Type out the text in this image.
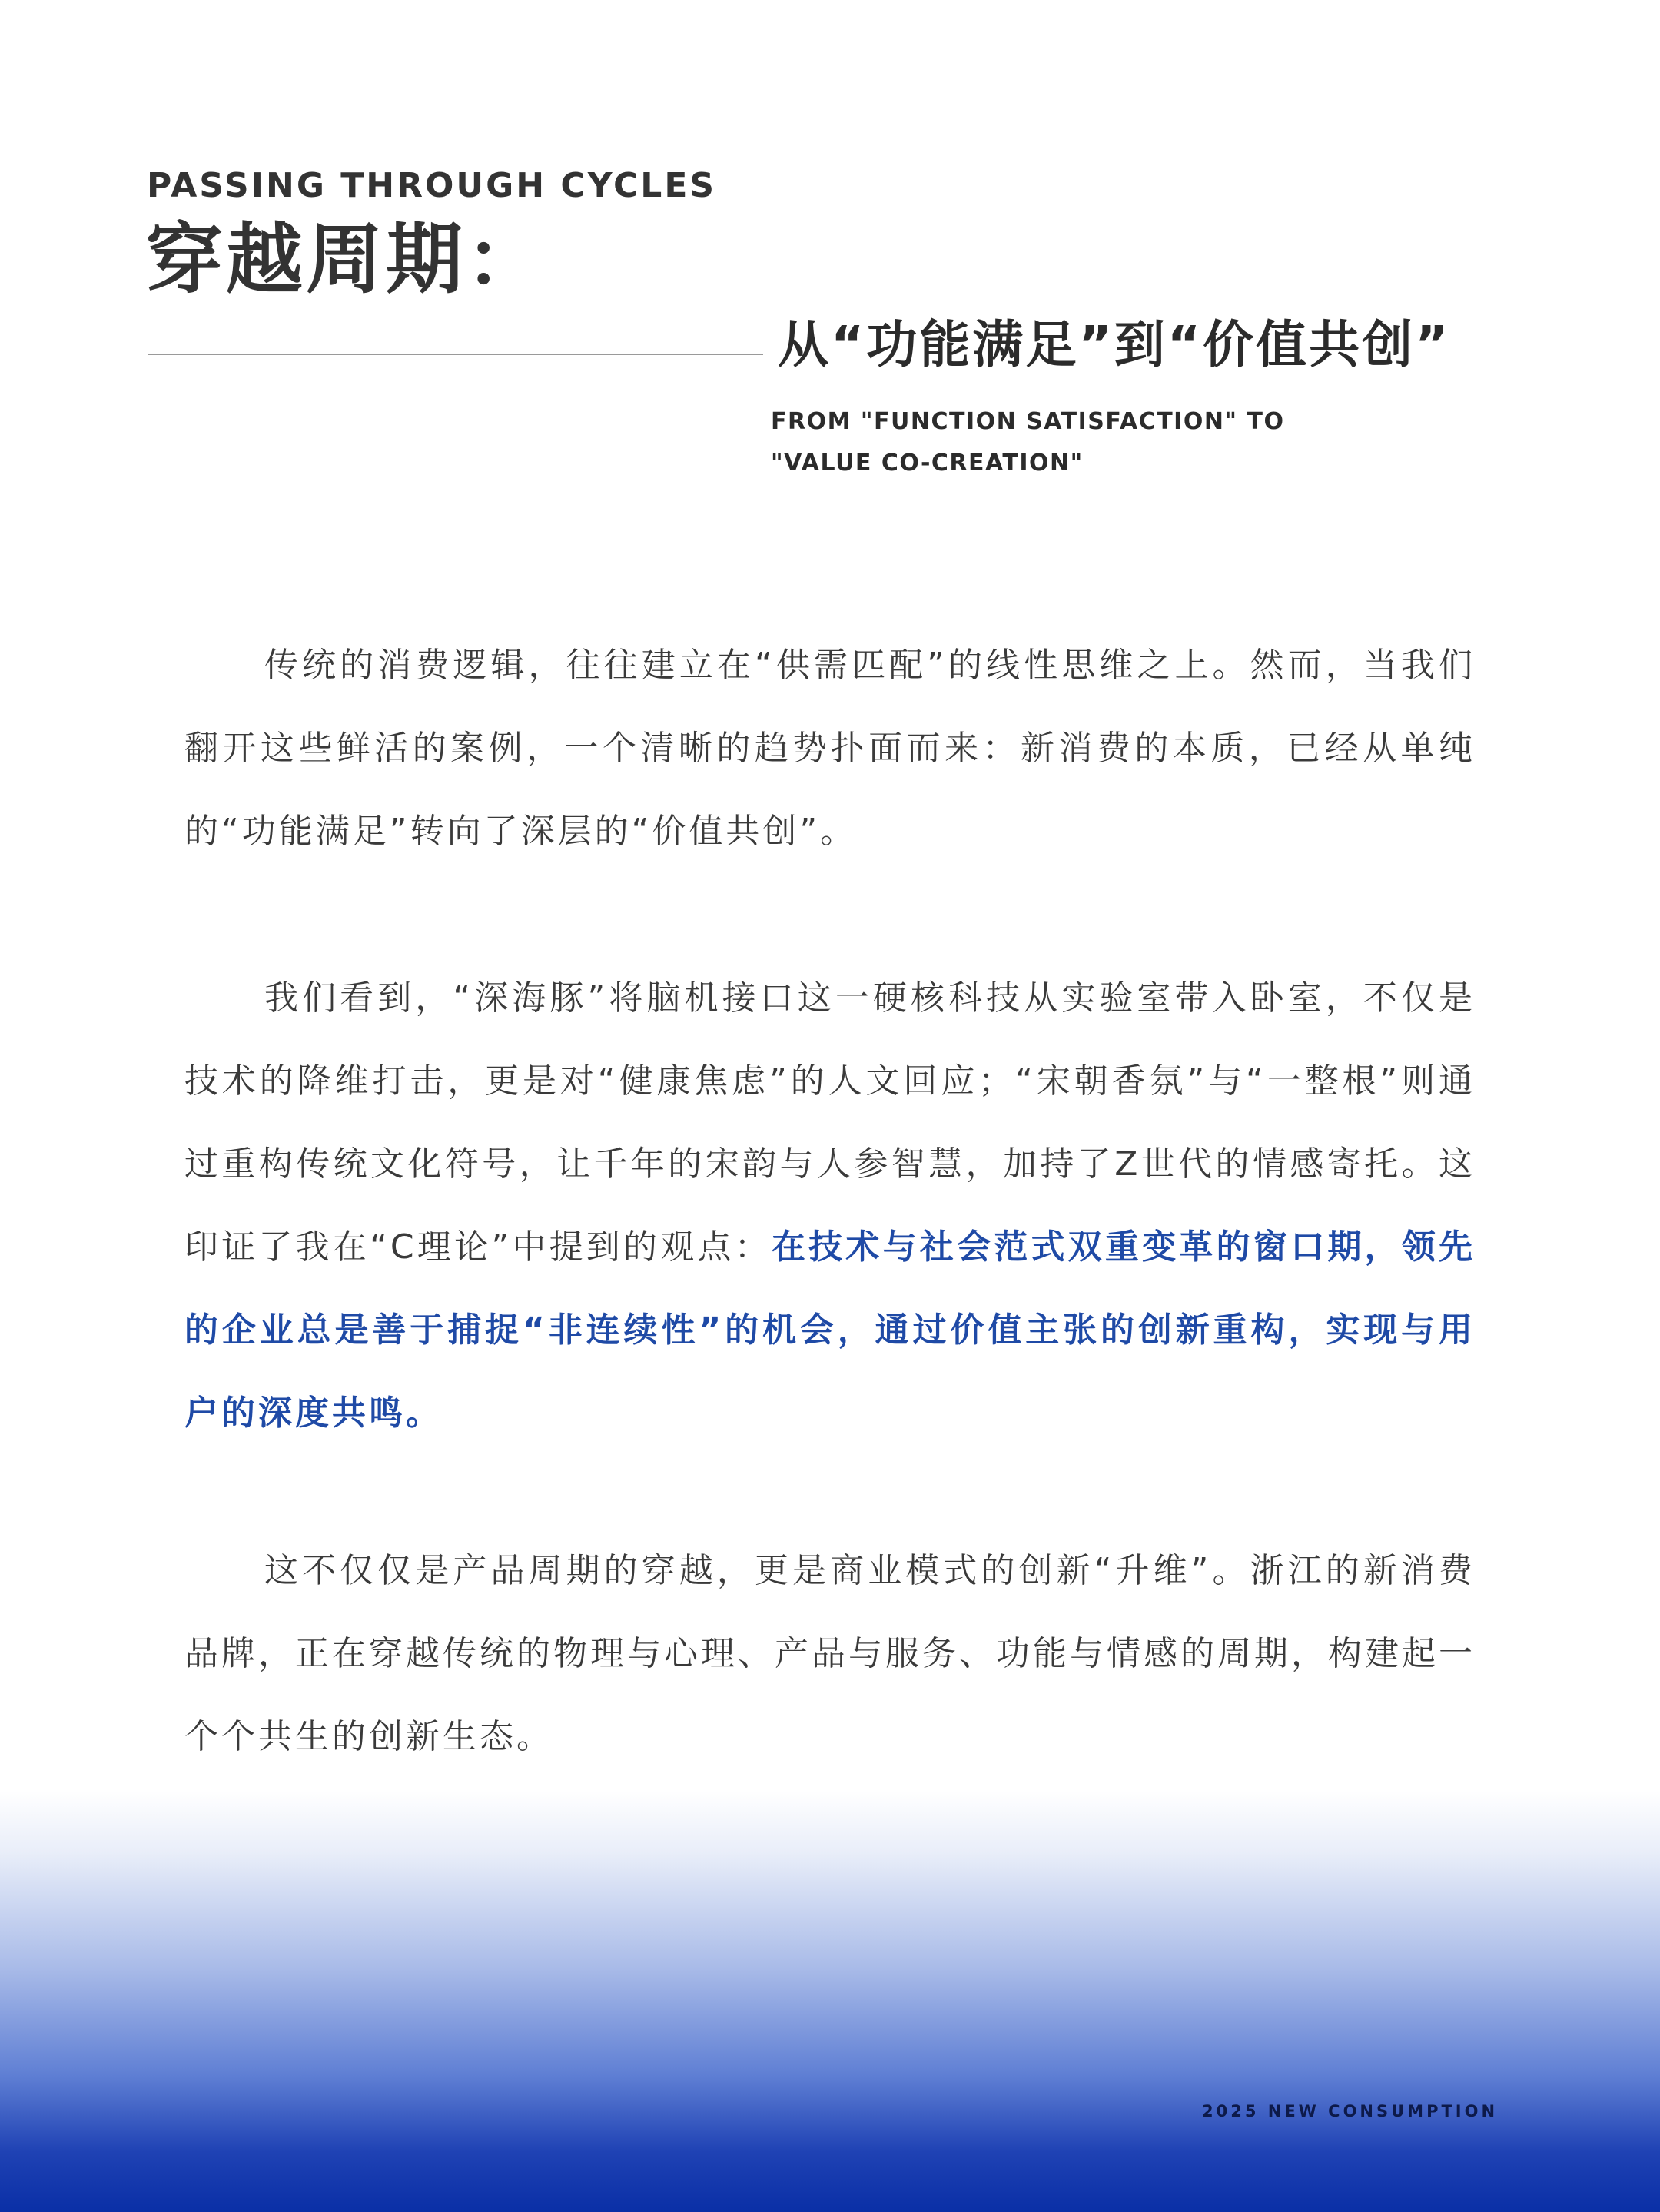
PASSING THROUGH CYCLES
穿越周期：
从“功能满足”到“价值共创”
FROM "FUNCTION SATISFACTION" TO
"VALUE CO-CREATION"

传统的消费逻辑，往往建立在“供需匹配”的线性思维之上。然而，当我们翻开这些鲜活的案例，一个清晰的趋势扑面而来：新消费的本质，已经从单纯的“功能满足”转向了深层的“价值共创”。

我们看到，“深海豚”将脑机接口这一硬核科技从实验室带入卧室，不仅是技术的降维打击，更是对“健康焦虑”的人文回应；“宋朝香氛”与“一整根”则通过重构传统文化符号，让千年的宋韵与人参智慧，加持了Z世代的情感寄托。这印证了我在“C理论”中提到的观点：在技术与社会范式双重变革的窗口期，领先的企业总是善于捕捉“非连续性”的机会，通过价值主张的创新重构，实现与用户的深度共鸣。

这不仅仅是产品周期的穿越，更是商业模式的创新“升维”。浙江的新消费品牌，正在穿越传统的物理与心理、产品与服务、功能与情感的周期，构建起一个个共生的创新生态。

2025 NEW CONSUMPTION
